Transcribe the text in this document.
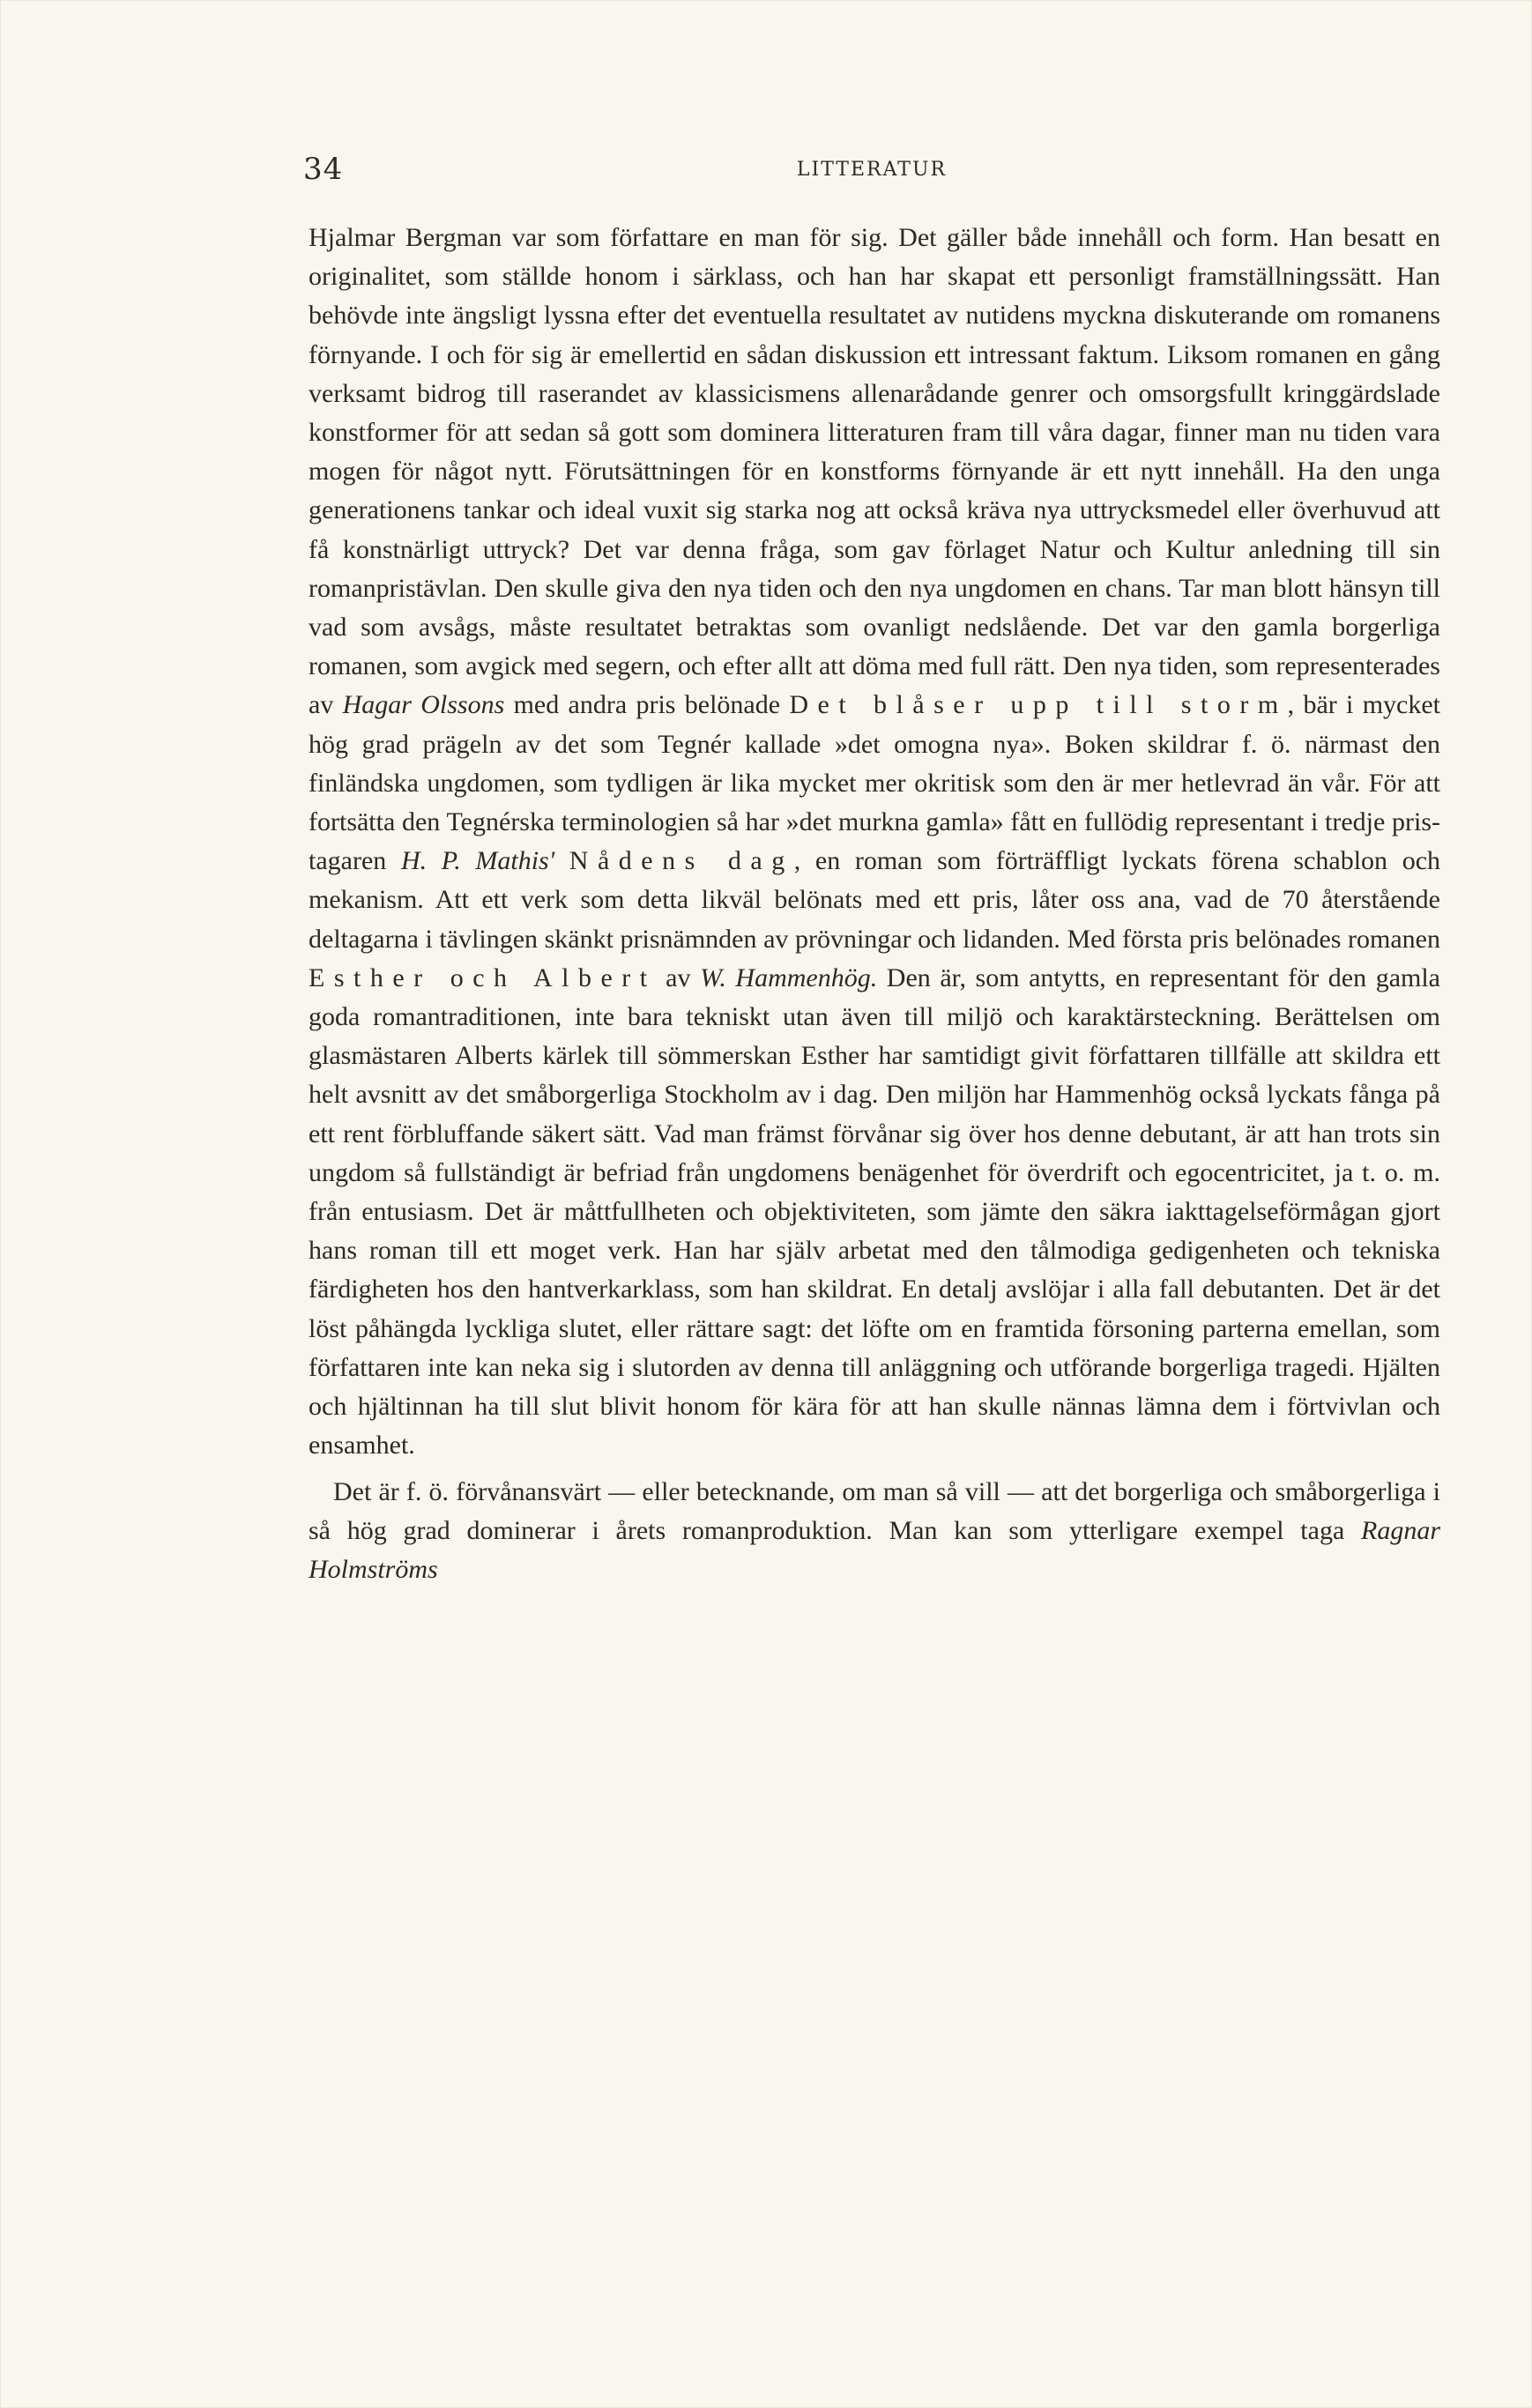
34	LITTERATUR

Hjalmar Bergman var som författare en man för sig. Det gäller både innehåll och form. Han besatt en originalitet, som ställde honom i särklass, och han har skapat ett personligt framställningssätt. Han behövde inte ängsligt lyssna efter det eventuella resultatet av nutidens myckna diskuterande om romanens förnyande. I och för sig är emellertid en sådan diskussion ett intressant faktum. Liksom romanen en gång verksamt bidrog till raserandet av klassicismens allenarådande genrer och omsorgsfullt kringgärdslade konstformer för att sedan så gott som dominera litteraturen fram till våra dagar, finner man nu tiden vara mogen för något nytt. Förutsättningen för en konstforms förnyande är ett nytt innehåll. Ha den unga generationens tankar och ideal vuxit sig starka nog att också kräva nya uttrycksmedel eller överhuvud att få konstnärligt uttryck? Det var denna fråga, som gav förlaget Natur och Kultur anledning till sin romanpristävlan. Den skulle giva den nya tiden och den nya ungdomen en chans. Tar man blott hänsyn till vad som avsågs, måste resultatet betraktas som ovanligt nedslående. Det var den gamla borgerliga romanen, som avgick med segern, och efter allt att döma med full rätt. Den nya tiden, som representerades av Hagar Olssons med andra pris belönade Det blåser upp till storm, bär i mycket hög grad prägeln av det som Tegnér kallade »det omogna nya». Boken skildrar f. ö. närmast den finländska ungdomen, som tydligen är lika mycket mer okritisk som den är mer hetlevrad än vår. För att fortsätta den Tegnérska terminologien så har »det murkna gamla» fått en fullödig representant i tredje pristagaren H. P. Mathis' Nådens dag, en roman som förträffligt lyckats förena schablon och mekanism. Att ett verk som detta likväl belönats med ett pris, låter oss ana, vad de 70 återstående deltagarna i tävlingen skänkt prisnämnden av prövningar och lidanden. Med första pris belönades romanen Esther och Albert av W. Hammenhög. Den är, som antytts, en representant för den gamla goda romantraditionen, inte bara tekniskt utan även till miljö och karaktärsteckning. Berättelsen om glasmästaren Alberts kärlek till sömmerskan Esther har samtidigt givit författaren tillfälle att skildra ett helt avsnitt av det småborgerliga Stockholm av i dag. Den miljön har Hammenhög också lyckats fånga på ett rent förbluffande säkert sätt. Vad man främst förvånar sig över hos denne debutant, är att han trots sin ungdom så fullständigt är befriad från ungdomens benägenhet för överdrift och egocentricitet, ja t. o. m. från entusiasm. Det är måttfullheten och objektiviteten, som jämte den säkra iakttagelseförmågan gjort hans roman till ett moget verk. Han har själv arbetat med den tålmodiga gedigenheten och tekniska färdigheten hos den hantverkarklass, som han skildrat. En detalj avslöjar i alla fall debutanten. Det är det löst påhängda lyckliga slutet, eller rättare sagt: det löfte om en framtida försoning parterna emellan, som författaren inte kan neka sig i slutorden av denna till anläggning och utförande borgerliga tragedi. Hjälten och hjältinnan ha till slut blivit honom för kära för att han skulle nännas lämna dem i förtvivlan och ensamhet.

Det är f. ö. förvånansvärt — eller betecknande, om man så vill — att det borgerliga och småborgerliga i så hög grad dominerar i årets romanproduktion. Man kan som ytterligare exempel taga Ragnar Holmströms
